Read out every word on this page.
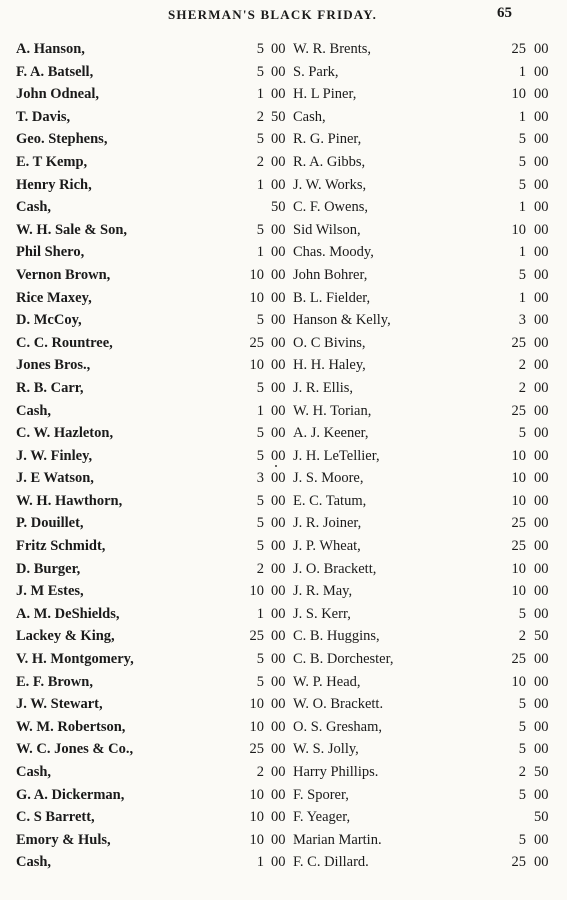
SHERMAN'S BLACK FRIDAY.	65
A. Hanson,	5 00
F. A. Batsell,	5 00
John Odneal,	1 00
T. Davis,	2 50
Geo. Stephens,	5 00
E. T Kemp,	2 00
Henry Rich,	1 00
Cash,	50
W. H. Sale & Son,	5 00
Phil Shero,	1 00
Vernon Brown,	10 00
Rice Maxey,	10 00
D. McCoy,	5 00
C. C. Rountree,	25 00
Jones Bros.,	10 00
R. B. Carr,	5 00
Cash,	1 00
C. W. Hazleton,	5 00
J. W. Finley,	5 00
J. E Watson,	3 00
W. H. Hawthorn,	5 00
P. Douillet,	5 00
Fritz Schmidt,	5 00
D. Burger,	2 00
J. M Estes,	10 00
A. M. DeShields,	1 00
Lackey & King,	25 00
V. H. Montgomery,	5 00
E. F. Brown,	5 00
J. W. Stewart,	10 00
W. M. Robertson,	10 00
W. C. Jones & Co.,	25 00
Cash,	2 00
G. A. Dickerman,	10 00
C. S Barrett,	10 00
Emory & Huls,	10 00
Cash,	1 00
W. R. Brents,	25 00
S. Park,	1 00
H. L Piner,	10 00
Cash,	1 00
R. G. Piner,	5 00
R. A. Gibbs,	5 00
J. W. Works,	5 00
C. F. Owens,	1 00
Sid Wilson,	10 00
Chas. Moody,	1 00
John Bohrer,	5 00
B. L. Fielder,	1 00
Hanson & Kelly,	3 00
O. C Bivins,	25 00
H. H. Haley,	2 00
J. R. Ellis,	2 00
W. H. Torian,	25 00
A. J. Keener,	5 00
J. H. LeTellier,	10 00
J. S. Moore,	10 00
E. C. Tatum,	10 00
J. R. Joiner,	25 00
J. P. Wheat,	25 00
J. O. Brackett,	10 00
J. R. May,	10 00
J. S. Kerr,	5 00
C. B. Huggins,	2 50
C. B. Dorchester,	25 00
W. P. Head,	10 00
W. O. Brackett.	5 00
O. S. Gresham,	5 00
W. S. Jolly,	5 00
Harry Phillips.	2 50
F. Sporer,	5 00
F. Yeager,	50
Marian Martin.	5 00
F. C. Dillard.	25 00
